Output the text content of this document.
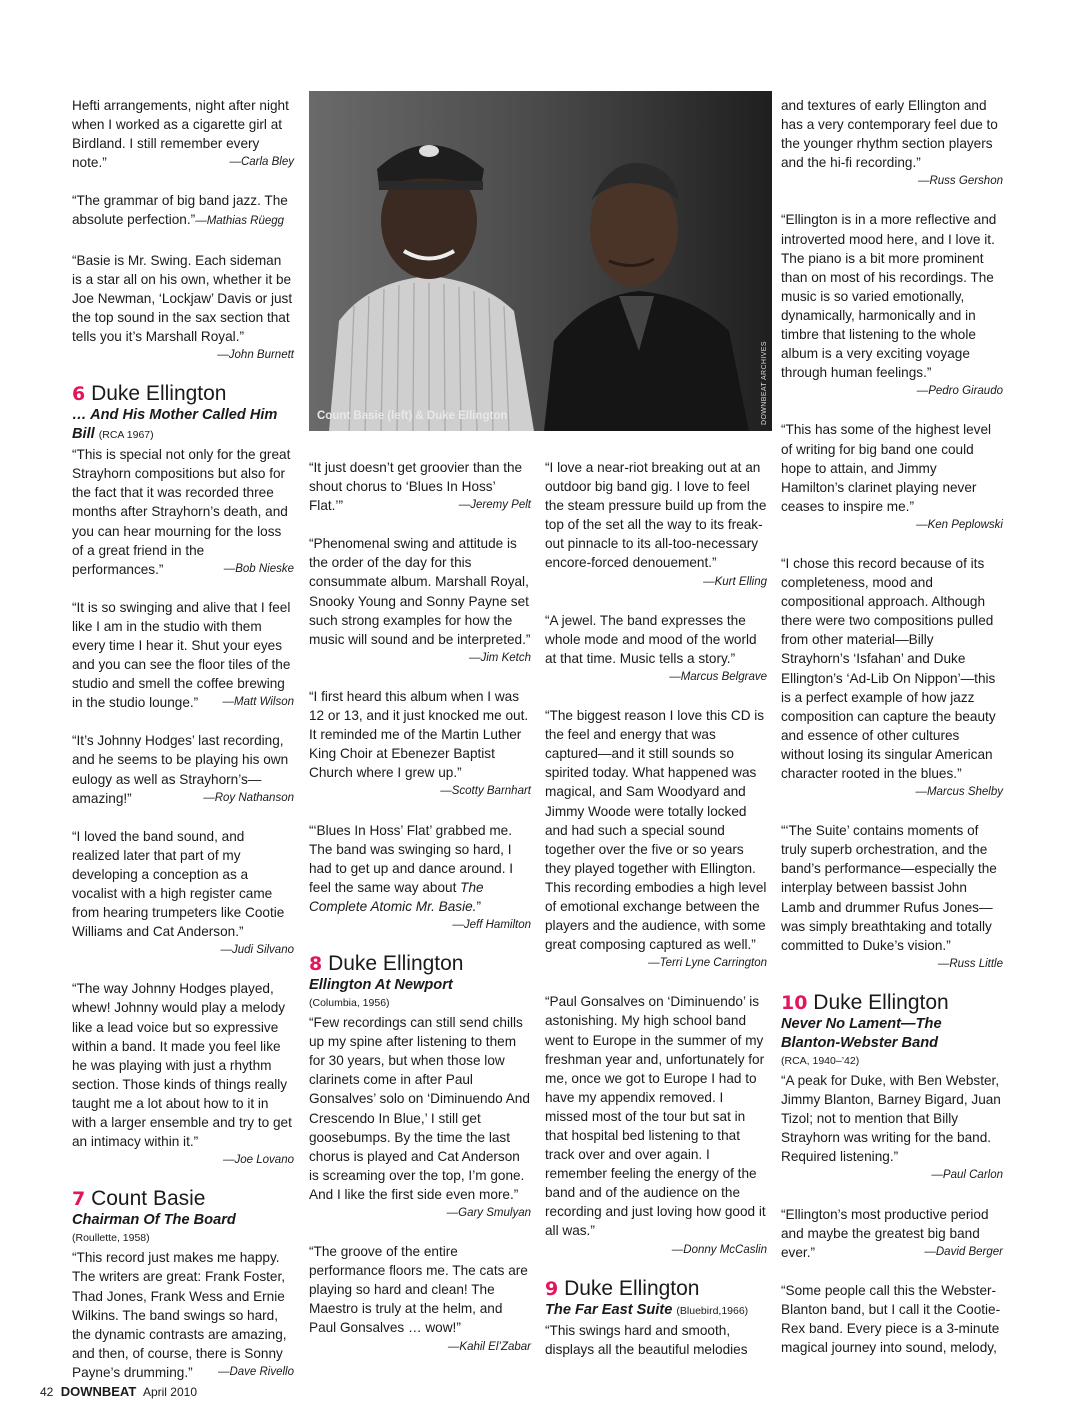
Count Basie (left) & Duke Ellington	DOWNBEAT ARCHIVES
Hefti arrangements, night after night when I worked as a cigarette girl at Birdland. I still remember every note.”	—Carla Bley
“The grammar of big band jazz. The absolute perfection.”—Mathias Rüegg
“Basie is Mr. Swing. Each sideman is a star all on his own, whether it be Joe Newman, ‘Lockjaw’ Davis or just the top sound in the sax section that tells you it’s Marshall Royal.”
—John Burnett

6 Duke Ellington

… And His Mother Called Him Bill (RCA 1967)

“This is special not only for the great Strayhorn compositions but also for the fact that it was recorded three months after Strayhorn’s death, and you can hear mourning for the loss of a great friend in the performances.”	—Bob Nieske
“It is so swinging and alive that I feel like I am in the studio with them every time I hear it. Shut your eyes and you can see the floor tiles of the studio and smell the coffee brewing in the studio lounge.”	—Matt Wilson
“It’s Johnny Hodges’ last recording, and he seems to be playing his own eulogy as well as Strayhorn’s—amazing!”	—Roy Nathanson
“I loved the band sound, and realized later that part of my developing a conception as a vocalist with a high register came from hearing trumpeters like Cootie Williams and Cat Anderson.”
—Judi Silvano
“The way Johnny Hodges played, whew! Johnny would play a melody like a lead voice but so expressive within a band. It made you feel like he was playing with just a rhythm section. Those kinds of things really taught me a lot about how to it in with a larger ensemble and try to get an intimacy within it.”
—Joe Lovano

7 Count Basie

Chairman Of The Board

(Roullette, 1958)

“This record just makes me happy. The writers are great: Frank Foster, Thad Jones, Frank Wess and Ernie Wilkins. The band swings so hard, the dynamic contrasts are amazing, and then, of course, there is Sonny Payne’s drumming.”	—Dave Rivello
“It just doesn’t get groovier than the shout chorus to ‘Blues In Hoss’ Flat.’”	—Jeremy Pelt
“Phenomenal swing and attitude is the order of the day for this consummate album. Marshall Royal, Snooky Young and Sonny Payne set such strong examples for how the music will sound and be interpreted.”
—Jim Ketch
“I first heard this album when I was 12 or 13, and it just knocked me out. It reminded me of the Martin Luther King Choir at Ebenezer Baptist Church where I grew up.”
—Scotty Barnhart
“‘Blues In Hoss’ Flat’ grabbed me. The band was swinging so hard, I had to get up and dance around. I feel the same way about The Complete Atomic Mr. Basie.”
—Jeff Hamilton

8 Duke Ellington

Ellington At Newport

(Columbia, 1956)

“Few recordings can still send chills up my spine after listening to them for 30 years, but when those low clarinets come in after Paul Gonsalves’ solo on ‘Diminuendo And Crescendo In Blue,’ I still get goosebumps. By the time the last chorus is played and Cat Anderson is screaming over the top, I’m gone. And I like the first side even more.”
—Gary Smulyan
“The groove of the entire performance floors me. The cats are playing so hard and clean! The Maestro is truly at the helm, and Paul Gonsalves … wow!”
—Kahil El’Zabar
“I love a near-riot breaking out at an outdoor big band gig. I love to feel the steam pressure build up from the top of the set all the way to its freak-out pinnacle to its all-too-necessary encore-forced denouement.”
—Kurt Elling
“A jewel. The band expresses the whole mode and mood of the world at that time. Music tells a story.”
—Marcus Belgrave
“The biggest reason I love this CD is the feel and energy that was captured—and it still sounds so spirited today. What happened was magical, and Sam Woodyard and Jimmy Woode were totally locked and had such a special sound together over the five or so years they played together with Ellington. This recording embodies a high level of emotional exchange between the players and the audience, with some great composing captured as well.”
—Terri Lyne Carrington
“Paul Gonsalves on ‘Diminuendo’ is astonishing. My high school band went to Europe in the summer of my freshman year and, unfortunately for me, once we got to Europe I had to have my appendix removed. I missed most of the tour but sat in that hospital bed listening to that track over and over again. I remember feeling the energy of the band and of the audience on the recording and just loving how good it all was.”
—Donny McCaslin

9 Duke Ellington

The Far East Suite (Bluebird,1966)

“This swings hard and smooth, displays all the beautiful melodies
and textures of early Ellington and has a very contemporary feel due to the younger rhythm section players and the hi-fi recording.”
—Russ Gershon
“Ellington is in a more reflective and introverted mood here, and I love it. The piano is a bit more prominent than on most of his recordings. The music is so varied emotionally, dynamically, harmonically and in timbre that listening to the whole album is a very exciting voyage through human feelings.”
—Pedro Giraudo
“This has some of the highest level of writing for big band one could hope to attain, and Jimmy Hamilton’s clarinet playing never ceases to inspire me.”
—Ken Peplowski
“I chose this record because of its completeness, mood and compositional approach. Although there were two compositions pulled from other material—Billy Strayhorn’s ‘Isfahan’ and Duke Ellington’s ‘Ad-Lib On Nippon’—this is a perfect example of how jazz composition can capture the beauty and essence of other cultures without losing its singular American character rooted in the blues.”
—Marcus Shelby
“‘The Suite’ contains moments of truly superb orchestration, and the band’s performance—especially the interplay between bassist John Lamb and drummer Rufus Jones—was simply breathtaking and totally committed to Duke’s vision.”
—Russ Little

10 Duke Ellington

Never No Lament—The Blanton-Webster Band

(RCA, 1940–’42)

“A peak for Duke, with Ben Webster, Jimmy Blanton, Barney Bigard, Juan Tizol; not to mention that Billy Strayhorn was writing for the band. Required listening.”
—Paul Carlon
“Ellington’s most productive period and maybe the greatest big band ever.”	—David Berger
“Some people call this the Webster-Blanton band, but I call it the Cootie-Rex band. Every piece is a 3-minute magical journey into sound, melody,
42 DOWNBEAT April 2010
